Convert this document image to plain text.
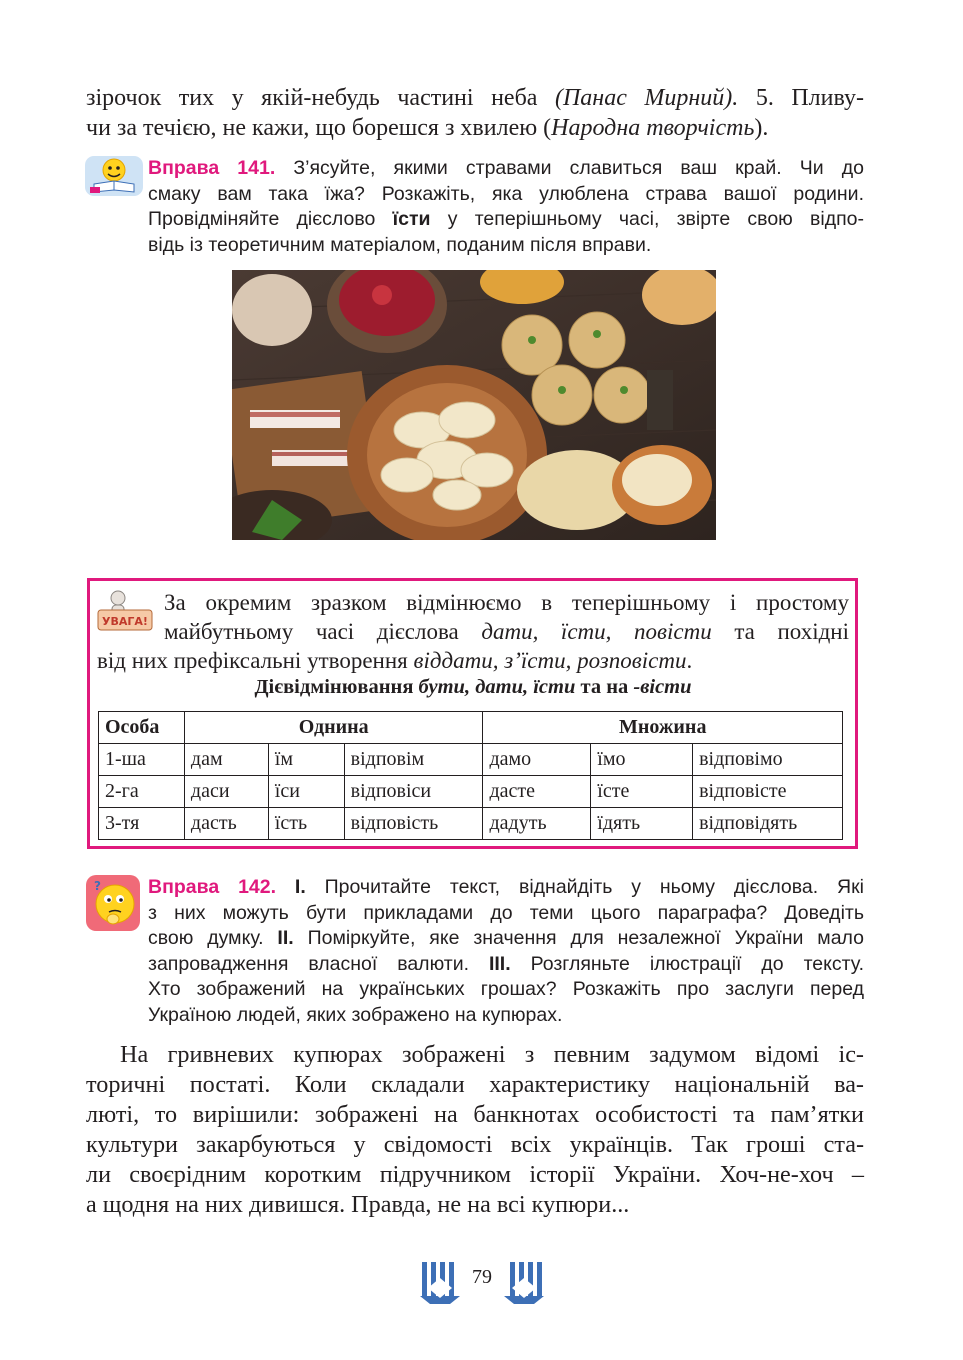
зірочок тих у якій-небудь частині неба (Панас Мирний). 5. Пливу-
чи за течією, не кажи, що борешся з хвилею (Народна творчість).
Вправа 141. З’ясуйте, якими стравами славиться ваш край. Чи до
смаку вам така їжа? Розкажіть, яка улюблена страва вашої родини.
Провідміняйте дієслово їсти у теперішньому часі, звірте свою відпо-
відь із теоретичним матеріалом, поданим після вправи.
УВАГА!
За окремим зразком відмінюємо в теперішньому і простому
майбутньому часі дієслова дати, їсти, повісти та похідні
від них префіксальні утворення віддати, з’їсти, розповісти.
Дієвідмінювання бути, дати, їсти та на -вісти
Особа	Однина			Множина		
1-ша	дам	їм	відповім	дамо	їмо	відповімо
2-га	даси	їси	відповіси	дасте	їсте	відповісте
3-тя	дасть	їсть	відповість	дадуть	їдять	відповідять
? Вправа 142. I. Прочитайте текст, віднайдіть у ньому дієслова. Які
з них можуть бути прикладами до теми цього параграфа? Доведіть
свою думку. II. Поміркуйте, яке значення для незалежної України мало
запровадження власної валюти. III. Розгляньте ілюстрації до тексту.
Хто зображений на українських грошах? Розкажіть про заслуги перед
Україною людей, яких зображено на купюрах.
На гривневих купюрах зображені з певним задумом відомі іс-
торичні постаті. Коли складали характеристику національній ва-
люті, то вирішили: зображені на банкнотах особистості та пам’ятки
культури закарбуються у свідомості всіх українців. Так гроші ста-
ли своєрідним коротким підручником історії України. Хоч-не-хоч –
а щодня на них дивишся. Правда, не на всі купюри...
79
